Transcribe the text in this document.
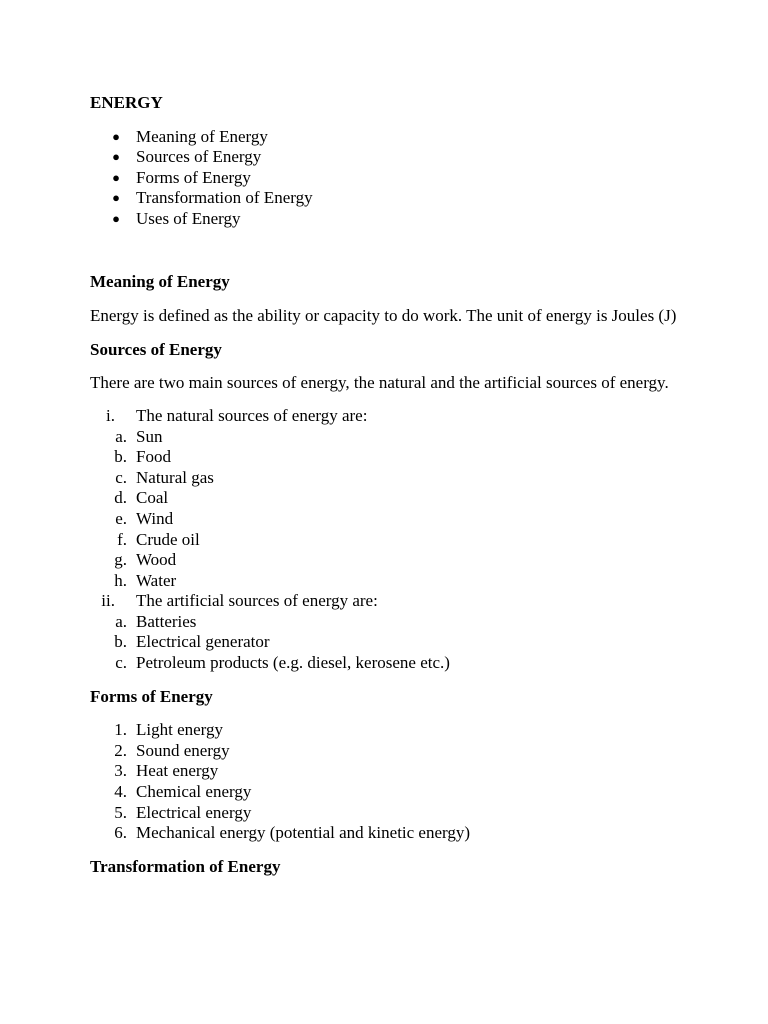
ENERGY
● Meaning of Energy
● Sources of Energy
● Forms of Energy
● Transformation of Energy
● Uses of Energy
Meaning of Energy

Energy is defined as the ability or capacity to do work. The unit of energy is Joules (J)

Sources of Energy

There are two main sources of energy, the natural and the artificial sources of energy.

i. The natural sources of energy are:
a. Sun
b. Food
c. Natural gas
d. Coal
e. Wind
f. Crude oil
g. Wood
h. Water
ii. The artificial sources of energy are:
a. Batteries
b. Electrical generator
c. Petroleum products (e.g. diesel, kerosene etc.)
Forms of Energy
1. Light energy
2. Sound energy
3. Heat energy
4. Chemical energy
5. Electrical energy
6. Mechanical energy (potential and kinetic energy)
Transformation of Energy
